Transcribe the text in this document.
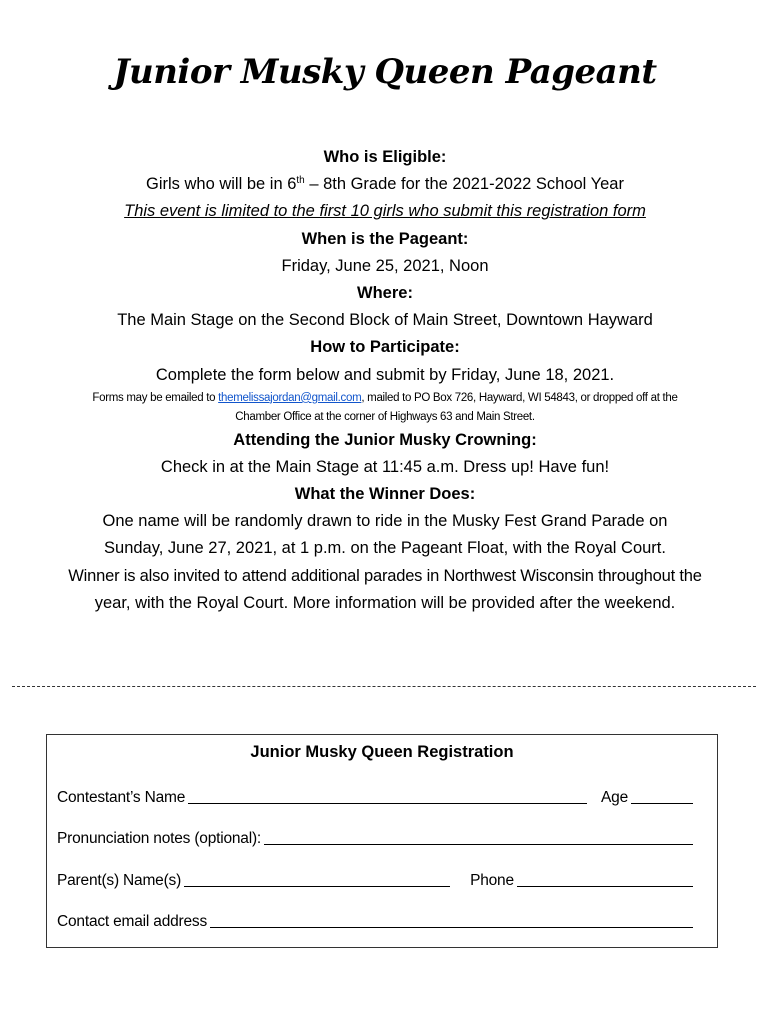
Junior Musky Queen Pageant
Who is Eligible:
Girls who will be in 6th – 8th Grade for the 2021-2022 School Year
This event is limited to the first 10 girls who submit this registration form
When is the Pageant:
Friday, June 25, 2021, Noon
Where:
The Main Stage on the Second Block of Main Street, Downtown Hayward
How to Participate:
Complete the form below and submit by Friday, June 18, 2021.
Forms may be emailed to themelissajordan@gmail.com, mailed to PO Box 726, Hayward, WI 54843, or dropped off at the
Chamber Office at the corner of Highways 63 and Main Street.
Attending the Junior Musky Crowning:
Check in at the Main Stage at 11:45 a.m. Dress up! Have fun!
What the Winner Does:
One name will be randomly drawn to ride in the Musky Fest Grand Parade on
Sunday, June 27, 2021, at 1 p.m. on the Pageant Float, with the Royal Court.
Winner is also invited to attend additional parades in Northwest Wisconsin throughout the
year, with the Royal Court. More information will be provided after the weekend.
Junior Musky Queen Registration
Contestant’s Name	Age
Pronunciation notes (optional):
Parent(s) Name(s)	Phone
Contact email address
